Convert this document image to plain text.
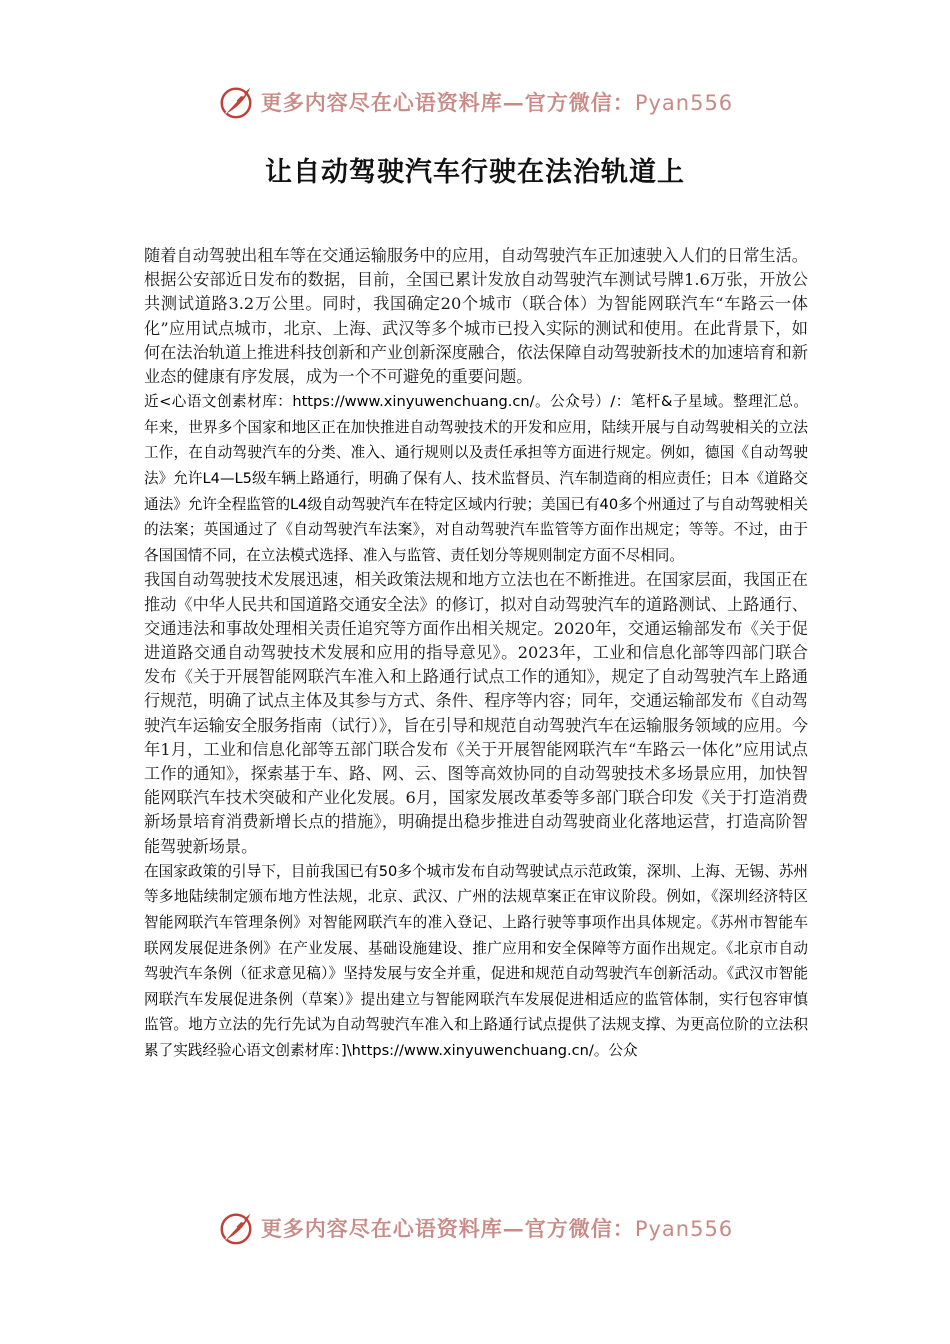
更多内容尽在心语资料库—官方微信：Pyan556
让自动驾驶汽车行驶在法治轨道上

随着自动驾驶出租车等在交通运输服务中的应用，自动驾驶汽车正加速驶入人们的日常生活。根据公安部近日发布的数据，目前，全国已累计发放自动驾驶汽车测试号牌1.6万张，开放公共测试道路3.2万公里。同时，我国确定20个城市（联合体）为智能网联汽车“车路云一体化”应用试点城市，北京、上海、武汉等多个城市已投入实际的测试和使用。在此背景下，如何在法治轨道上推进科技创新和产业创新深度融合，依法保障自动驾驶新技术的加速培育和新业态的健康有序发展，成为一个不可避免的重要问题。

近<心语文创素材库：https://www.xinyuwenchuang.cn/。公众号）/：笔杆&子星域。整理汇总。年来，世界多个国家和地区正在加快推进自动驾驶技术的开发和应用，陆续开展与自动驾驶相关的立法工作，在自动驾驶汽车的分类、准入、通行规则以及责任承担等方面进行规定。例如，德国《自动驾驶法》允许L4—L5级车辆上路通行，明确了保有人、技术监督员、汽车制造商的相应责任；日本《道路交通法》允许全程监管的L4级自动驾驶汽车在特定区域内行驶；美国已有40多个州通过了与自动驾驶相关的法案；英国通过了《自动驾驶汽车法案》，对自动驾驶汽车监管等方面作出规定；等等。不过，由于各国国情不同，在立法模式选择、准入与监管、责任划分等规则制定方面不尽相同。

我国自动驾驶技术发展迅速，相关政策法规和地方立法也在不断推进。在国家层面，我国正在推动《中华人民共和国道路交通安全法》的修订，拟对自动驾驶汽车的道路测试、上路通行、交通违法和事故处理相关责任追究等方面作出相关规定。2020年，交通运输部发布《关于促进道路交通自动驾驶技术发展和应用的指导意见》。2023年，工业和信息化部等四部门联合发布《关于开展智能网联汽车准入和上路通行试点工作的通知》，规定了自动驾驶汽车上路通行规范，明确了试点主体及其参与方式、条件、程序等内容；同年，交通运输部发布《自动驾驶汽车运输安全服务指南（试行）》，旨在引导和规范自动驾驶汽车在运输服务领域的应用。今年1月，工业和信息化部等五部门联合发布《关于开展智能网联汽车“车路云一体化”应用试点工作的通知》，探索基于车、路、网、云、图等高效协同的自动驾驶技术多场景应用，加快智能网联汽车技术突破和产业化发展。6月，国家发展改革委等多部门联合印发《关于打造消费新场景培育消费新增长点的措施》，明确提出稳步推进自动驾驶商业化落地运营，打造高阶智能驾驶新场景。

在国家政策的引导下，目前我国已有50多个城市发布自动驾驶试点示范政策，深圳、上海、无锡、苏州等多地陆续制定颁布地方性法规，北京、武汉、广州的法规草案正在审议阶段。例如，《深圳经济特区智能网联汽车管理条例》对智能网联汽车的准入登记、上路行驶等事项作出具体规定。《苏州市智能车联网发展促进条例》在产业发展、基础设施建设、推广应用和安全保障等方面作出规定。《北京市自动驾驶汽车条例（征求意见稿）》坚持发展与安全并重，促进和规范自动驾驶汽车创新活动。《武汉市智能网联汽车发展促进条例（草案）》提出建立与智能网联汽车发展促进相适应的监管体制，实行包容审慎监管。地方立法的先行先试为自动驾驶汽车准入和上路通行试点提供了法规支撑、为更高位阶的立法积累了实践经验心语文创素材库：]\https://www.xinyuwenchuang.cn/。公众

更多内容尽在心语资料库—官方微信：Pyan556
